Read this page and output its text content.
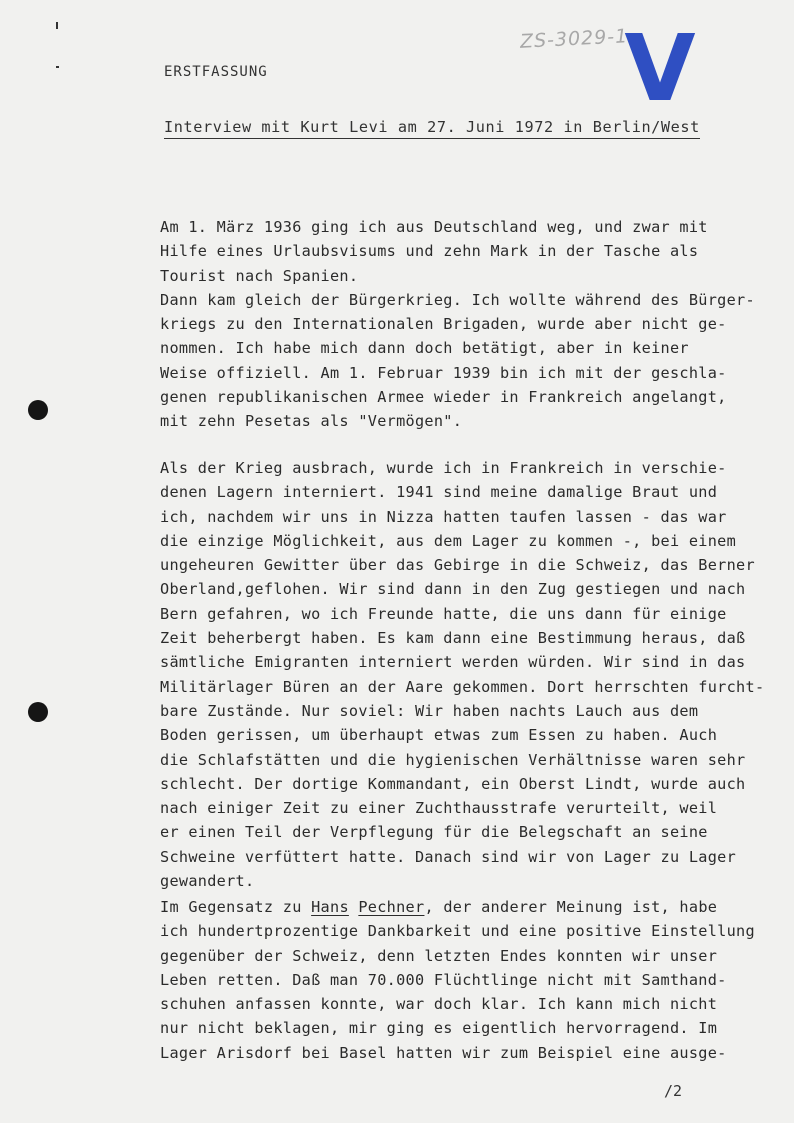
ZS-3029-1
V
ERSTFASSUNG
Interview mit Kurt Levi am 27. Juni 1972 in Berlin/West
Am 1. März 1936 ging ich aus Deutschland weg, und zwar mit
Hilfe eines Urlaubsvisums und zehn Mark in der Tasche als
Tourist nach Spanien.
Dann kam gleich der Bürgerkrieg. Ich wollte während des Bürger-
kriegs zu den Internationalen Brigaden, wurde aber nicht ge-
nommen. Ich habe mich dann doch betätigt, aber in keiner
Weise offiziell. Am 1. Februar 1939 bin ich mit der geschla-
genen republikanischen Armee wieder in Frankreich angelangt,
mit zehn Pesetas als "Vermögen".
Als der Krieg ausbrach, wurde ich in Frankreich in verschie-
denen Lagern interniert. 1941 sind meine damalige Braut und
ich, nachdem wir uns in Nizza hatten taufen lassen - das war
die einzige Möglichkeit, aus dem Lager zu kommen -, bei einem
ungeheuren Gewitter über das Gebirge in die Schweiz, das Berner
Oberland,geflohen. Wir sind dann in den Zug gestiegen und nach
Bern gefahren, wo ich Freunde hatte, die uns dann für einige
Zeit beherbergt haben. Es kam dann eine Bestimmung heraus, daß
sämtliche Emigranten interniert werden würden. Wir sind in das
Militärlager Büren an der Aare gekommen. Dort herrschten furcht-
bare Zustände. Nur soviel: Wir haben nachts Lauch aus dem
Boden gerissen, um überhaupt etwas zum Essen zu haben. Auch
die Schlafstätten und die hygienischen Verhältnisse waren sehr
schlecht. Der dortige Kommandant, ein Oberst Lindt, wurde auch
nach einiger Zeit zu einer Zuchthausstrafe verurteilt, weil
er einen Teil der Verpflegung für die Belegschaft an seine
Schweine verfüttert hatte. Danach sind wir von Lager zu Lager
gewandert.
Im Gegensatz zu Hans Pechner, der anderer Meinung ist, habe
ich hundertprozentige Dankbarkeit und eine positive Einstellung
gegenüber der Schweiz, denn letzten Endes konnten wir unser
Leben retten. Daß man 70.000 Flüchtlinge nicht mit Samthand-
schuhen anfassen konnte, war doch klar. Ich kann mich nicht
nur nicht beklagen, mir ging es eigentlich hervorragend. Im
Lager Arisdorf bei Basel hatten wir zum Beispiel eine ausge-
/2
